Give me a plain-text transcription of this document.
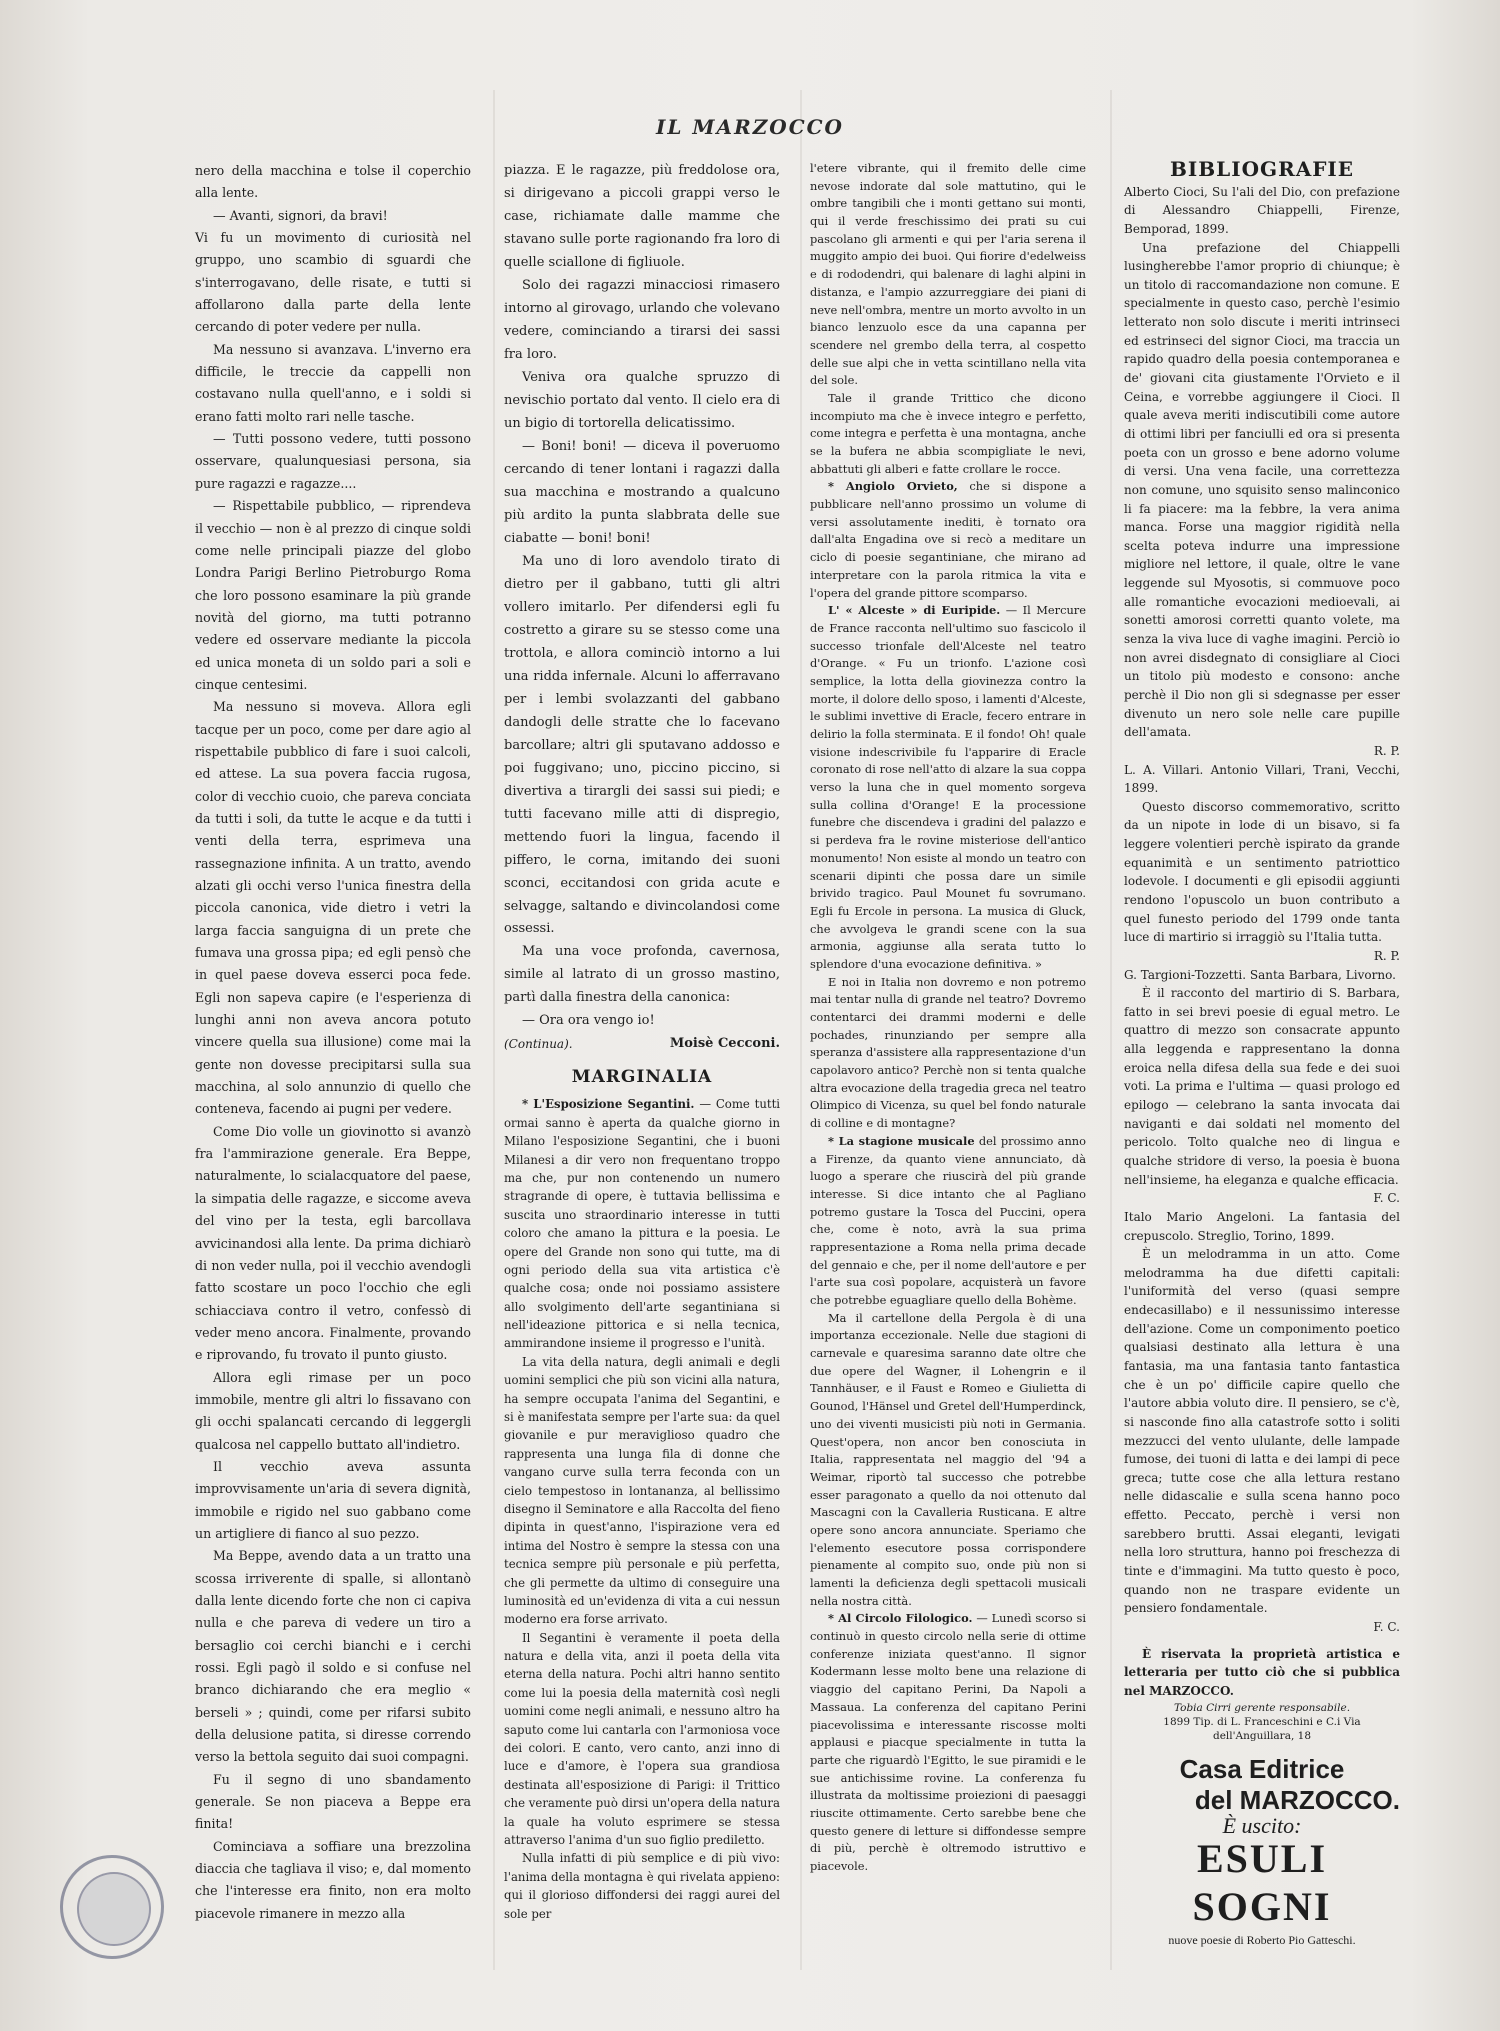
IL MARZOCCO

nero della macchina e tolse il coperchio alla lente.

— Avanti, signori, da bravi!

Vi fu un movimento di curiosità nel gruppo, uno scambio di sguardi che s'interrogavano, delle risate, e tutti si affollarono dalla parte della lente cercando di poter vedere per nulla.

Ma nessuno si avanzava. L'inverno era difficile, le treccie da cappelli non costavano nulla quell'anno, e i soldi si erano fatti molto rari nelle tasche.

— Tutti possono vedere, tutti possono osservare, qualunquesiasi persona, sia pure ragazzi e ragazze....

— Rispettabile pubblico, — riprendeva il vecchio — non è al prezzo di cinque soldi come nelle principali piazze del globo Londra Parigi Berlino Pietroburgo Roma che loro possono esaminare la più grande novità del giorno, ma tutti potranno vedere ed osservare mediante la piccola ed unica moneta di un soldo pari a soli e cinque centesimi.

Ma nessuno si moveva. Allora egli tacque per un poco, come per dare agio al rispettabile pubblico di fare i suoi calcoli, ed attese. La sua povera faccia rugosa, color di vecchio cuoio, che pareva conciata da tutti i soli, da tutte le acque e da tutti i venti della terra, esprimeva una rassegnazione infinita. A un tratto, avendo alzati gli occhi verso l'unica finestra della piccola canonica, vide dietro i vetri la larga faccia sanguigna di un prete che fumava una grossa pipa; ed egli pensò che in quel paese doveva esserci poca fede. Egli non sapeva capire (e l'esperienza di lunghi anni non aveva ancora potuto vincere quella sua illusione) come mai la gente non dovesse precipitarsi sulla sua macchina, al solo annunzio di quello che conteneva, facendo ai pugni per vedere.

Come Dio volle un giovinotto si avanzò fra l'ammirazione generale. Era Beppe, naturalmente, lo scialacquatore del paese, la simpatia delle ragazze, e siccome aveva del vino per la testa, egli barcollava avvicinandosi alla lente. Da prima dichiarò di non veder nulla, poi il vecchio avendogli fatto scostare un poco l'occhio che egli schiacciava contro il vetro, confessò di veder meno ancora. Finalmente, provando e riprovando, fu trovato il punto giusto.

Allora egli rimase per un poco immobile, mentre gli altri lo fissavano con gli occhi spalancati cercando di leggergli qualcosa nel cappello buttato all'indietro.

Il vecchio aveva assunta improvvisamente un'aria di severa dignità, immobile e rigido nel suo gabbano come un artigliere di fianco al suo pezzo.

Ma Beppe, avendo data a un tratto una scossa irriverente di spalle, si allontanò dalla lente dicendo forte che non ci capiva nulla e che pareva di vedere un tiro a bersaglio coi cerchi bianchi e i cerchi rossi. Egli pagò il soldo e si confuse nel branco dichiarando che era meglio « berseli » ; quindi, come per rifarsi subito della delusione patita, si diresse correndo verso la bettola seguito dai suoi compagni.

Fu il segno di uno sbandamento generale. Se non piaceva a Beppe era finita!

Cominciava a soffiare una brezzolina diaccia che tagliava il viso; e, dal momento che l'interesse era finito, non era molto piacevole rimanere in mezzo alla

piazza. E le ragazze, più freddolose ora, si dirigevano a piccoli grappi verso le case, richiamate dalle mamme che stavano sulle porte ragionando fra loro di quelle sciallone di figliuole.

Solo dei ragazzi minacciosi rimasero intorno al girovago, urlando che volevano vedere, cominciando a tirarsi dei sassi fra loro.

Veniva ora qualche spruzzo di nevischio portato dal vento. Il cielo era di un bigio di tortorella delicatissimo.

— Boni! boni! — diceva il poveruomo cercando di tener lontani i ragazzi dalla sua macchina e mostrando a qualcuno più ardito la punta slabbrata delle sue ciabatte — boni! boni!

Ma uno di loro avendolo tirato di dietro per il gabbano, tutti gli altri vollero imitarlo. Per difendersi egli fu costretto a girare su se stesso come una trottola, e allora cominciò intorno a lui una ridda infernale. Alcuni lo afferravano per i lembi svolazzanti del gabbano dandogli delle stratte che lo facevano barcollare; altri gli sputavano addosso e poi fuggivano; uno, piccino piccino, si divertiva a tirargli dei sassi sui piedi; e tutti facevano mille atti di dispregio, mettendo fuori la lingua, facendo il piffero, le corna, imitando dei suoni sconci, eccitandosi con grida acute e selvagge, saltando e divincolandosi come ossessi.

Ma una voce profonda, cavernosa, simile al latrato di un grosso mastino, partì dalla finestra della canonica:

— Ora ora vengo io!

(Continua).	Moisè Cecconi.

MARGINALIA

* L'Esposizione Segantini. — Come tutti ormai sanno è aperta da qualche giorno in Milano l'esposizione Segantini, che i buoni Milanesi a dir vero non frequentano troppo ma che, pur non contenendo un numero stragrande di opere, è tuttavia bellissima e suscita uno straordinario interesse in tutti coloro che amano la pittura e la poesia. Le opere del Grande non sono qui tutte, ma di ogni periodo della sua vita artistica c'è qualche cosa; onde noi possiamo assistere allo svolgimento dell'arte segantiniana si nell'ideazione pittorica e si nella tecnica, ammirandone insieme il progresso e l'unità.

La vita della natura, degli animali e degli uomini semplici che più son vicini alla natura, ha sempre occupata l'anima del Segantini, e si è manifestata sempre per l'arte sua: da quel giovanile e pur meraviglioso quadro che rappresenta una lunga fila di donne che vangano curve sulla terra feconda con un cielo tempestoso in lontananza, al bellissimo disegno il Seminatore e alla Raccolta del fieno dipinta in quest'anno, l'ispirazione vera ed intima del Nostro è sempre la stessa con una tecnica sempre più personale e più perfetta, che gli permette da ultimo di conseguire una luminosità ed un'evidenza di vita a cui nessun moderno era forse arrivato.

Il Segantini è veramente il poeta della natura e della vita, anzi il poeta della vita eterna della natura. Pochi altri hanno sentito come lui la poesia della maternità così negli uomini come negli animali, e nessuno altro ha saputo come lui cantarla con l'armoniosa voce dei colori. E canto, vero canto, anzi inno di luce e d'amore, è l'opera sua grandiosa destinata all'esposizione di Parigi: il Trittico che veramente può dirsi un'opera della natura la quale ha voluto esprimere se stessa attraverso l'anima d'un suo figlio prediletto.

Nulla infatti di più semplice e di più vivo: l'anima della montagna è qui rivelata appieno: qui il glorioso diffondersi dei raggi aurei del sole per

l'etere vibrante, qui il fremito delle cime nevose indorate dal sole mattutino, qui le ombre tangibili che i monti gettano sui monti, qui il verde freschissimo dei prati su cui pascolano gli armenti e qui per l'aria serena il muggito ampio dei buoi. Qui fiorire d'edelweiss e di rododendri, qui balenare di laghi alpini in distanza, e l'ampio azzurreggiare dei piani di neve nell'ombra, mentre un morto avvolto in un bianco lenzuolo esce da una capanna per scendere nel grembo della terra, al cospetto delle sue alpi che in vetta scintillano nella vita del sole.

Tale il grande Trittico che dicono incompiuto ma che è invece integro e perfetto, come integra e perfetta è una montagna, anche se la bufera ne abbia scompigliate le nevi, abbattuti gli alberi e fatte crollare le rocce.

* Angiolo Orvieto, che si dispone a pubblicare nell'anno prossimo un volume di versi assolutamente inediti, è tornato ora dall'alta Engadina ove si recò a meditare un ciclo di poesie segantiniane, che mirano ad interpretare con la parola ritmica la vita e l'opera del grande pittore scomparso.

L' « Alceste » di Euripide. — Il Mercure de France racconta nell'ultimo suo fascicolo il successo trionfale dell'Alceste nel teatro d'Orange. « Fu un trionfo. L'azione così semplice, la lotta della giovinezza contro la morte, il dolore dello sposo, i lamenti d'Alceste, le sublimi invettive di Eracle, fecero entrare in delirio la folla sterminata. E il fondo! Oh! quale visione indescrivibile fu l'apparire di Eracle coronato di rose nell'atto di alzare la sua coppa verso la luna che in quel momento sorgeva sulla collina d'Orange! E la processione funebre che discendeva i gradini del palazzo e si perdeva fra le rovine misteriose dell'antico monumento! Non esiste al mondo un teatro con scenarii dipinti che possa dare un simile brivido tragico. Paul Mounet fu sovrumano. Egli fu Ercole in persona. La musica di Gluck, che avvolgeva le grandi scene con la sua armonia, aggiunse alla serata tutto lo splendore d'una evocazione definitiva. »

E noi in Italia non dovremo e non potremo mai tentar nulla di grande nel teatro? Dovremo contentarci dei drammi moderni e delle pochades, rinunziando per sempre alla speranza d'assistere alla rappresentazione d'un capolavoro antico? Perchè non si tenta qualche altra evocazione della tragedia greca nel teatro Olimpico di Vicenza, su quel bel fondo naturale di colline e di montagne?

* La stagione musicale del prossimo anno a Firenze, da quanto viene annunciato, dà luogo a sperare che riuscirà del più grande interesse. Si dice intanto che al Pagliano potremo gustare la Tosca del Puccini, opera che, come è noto, avrà la sua prima rappresentazione a Roma nella prima decade del gennaio e che, per il nome dell'autore e per l'arte sua così popolare, acquisterà un favore che potrebbe eguagliare quello della Bohème.

Ma il cartellone della Pergola è di una importanza eccezionale. Nelle due stagioni di carnevale e quaresima saranno date oltre che due opere del Wagner, il Lohengrin e il Tannhäuser, e il Faust e Romeo e Giulietta di Gounod, l'Hänsel und Gretel dell'Humperdinck, uno dei viventi musicisti più noti in Germania. Quest'opera, non ancor ben conosciuta in Italia, rappresentata nel maggio del '94 a Weimar, riportò tal successo che potrebbe esser paragonato a quello da noi ottenuto dal Mascagni con la Cavalleria Rusticana. E altre opere sono ancora annunciate. Speriamo che l'elemento esecutore possa corrispondere pienamente al compito suo, onde più non si lamenti la deficienza degli spettacoli musicali nella nostra città.

* Al Circolo Filologico. — Lunedì scorso si continuò in questo circolo nella serie di ottime conferenze iniziata quest'anno. Il signor Kodermann lesse molto bene una relazione di viaggio del capitano Perini, Da Napoli a Massaua. La conferenza del capitano Perini piacevolissima e interessante riscosse molti applausi e piacque specialmente in tutta la parte che riguardò l'Egitto, le sue piramidi e le sue antichissime rovine. La conferenza fu illustrata da moltissime proiezioni di paesaggi riuscite ottimamente. Certo sarebbe bene che questo genere di letture si diffondesse sempre di più, perchè è oltremodo istruttivo e piacevole.

BIBLIOGRAFIE

Alberto Cioci, Su l'ali del Dio, con prefazione di Alessandro Chiappelli, Firenze, Bemporad, 1899.

Una prefazione del Chiappelli lusingherebbe l'amor proprio di chiunque; è un titolo di raccomandazione non comune. E specialmente in questo caso, perchè l'esimio letterato non solo discute i meriti intrinseci ed estrinseci del signor Cioci, ma traccia un rapido quadro della poesia contemporanea e de' giovani cita giustamente l'Orvieto e il Ceina, e vorrebbe aggiungere il Cioci. Il quale aveva meriti indiscutibili come autore di ottimi libri per fanciulli ed ora si presenta poeta con un grosso e bene adorno volume di versi. Una vena facile, una correttezza non comune, uno squisito senso malinconico li fa piacere: ma la febbre, la vera anima manca. Forse una maggior rigidità nella scelta poteva indurre una impressione migliore nel lettore, il quale, oltre le vane leggende sul Myosotis, si commuove poco alle romantiche evocazioni medioevali, ai sonetti amorosi corretti quanto volete, ma senza la viva luce di vaghe imagini. Perciò io non avrei disdegnato di consigliare al Cioci un titolo più modesto e consono: anche perchè il Dio non gli si sdegnasse per esser divenuto un nero sole nelle care pupille dell'amata.

R. P.

L. A. Villari. Antonio Villari, Trani, Vecchi, 1899.

Questo discorso commemorativo, scritto da un nipote in lode di un bisavo, si fa leggere volentieri perchè ispirato da grande equanimità e un sentimento patriottico lodevole. I documenti e gli episodii aggiunti rendono l'opuscolo un buon contributo a quel funesto periodo del 1799 onde tanta luce di martirio si irraggiò su l'Italia tutta.

R. P.

G. Targioni-Tozzetti. Santa Barbara, Livorno.

È il racconto del martirio di S. Barbara, fatto in sei brevi poesie di egual metro. Le quattro di mezzo son consacrate appunto alla leggenda e rappresentano la donna eroica nella difesa della sua fede e dei suoi voti. La prima e l'ultima — quasi prologo ed epilogo — celebrano la santa invocata dai naviganti e dai soldati nel momento del pericolo. Tolto qualche neo di lingua e qualche stridore di verso, la poesia è buona nell'insieme, ha eleganza e qualche efficacia.

F. C.

Italo Mario Angeloni. La fantasia del crepuscolo. Streglio, Torino, 1899.

È un melodramma in un atto. Come melodramma ha due difetti capitali: l'uniformità del verso (quasi sempre endecasillabo) e il nessunissimo interesse dell'azione. Come un componimento poetico qualsiasi destinato alla lettura è una fantasia, ma una fantasia tanto fantastica che è un po' difficile capire quello che l'autore abbia voluto dire. Il pensiero, se c'è, si nasconde fino alla catastrofe sotto i soliti mezzucci del vento ululante, delle lampade fumose, dei tuoni di latta e dei lampi di pece greca; tutte cose che alla lettura restano nelle didascalie e sulla scena hanno poco effetto. Peccato, perchè i versi non sarebbero brutti. Assai eleganti, levigati nella loro struttura, hanno poi freschezza di tinte e d'immagini. Ma tutto questo è poco, quando non ne traspare evidente un pensiero fondamentale.

F. C.

È riservata la proprietà artistica e letteraria per tutto ciò che si pubblica nel MARZOCCO.

Tobia Cirri gerente responsabile.

1899 Tip. di L. Franceschini e C.i Via dell'Anguillara, 18

Casa Editrice
del MARZOCCO.
È uscito:
ESULI SOGNI
nuove poesie di Roberto Pio Gatteschi.
